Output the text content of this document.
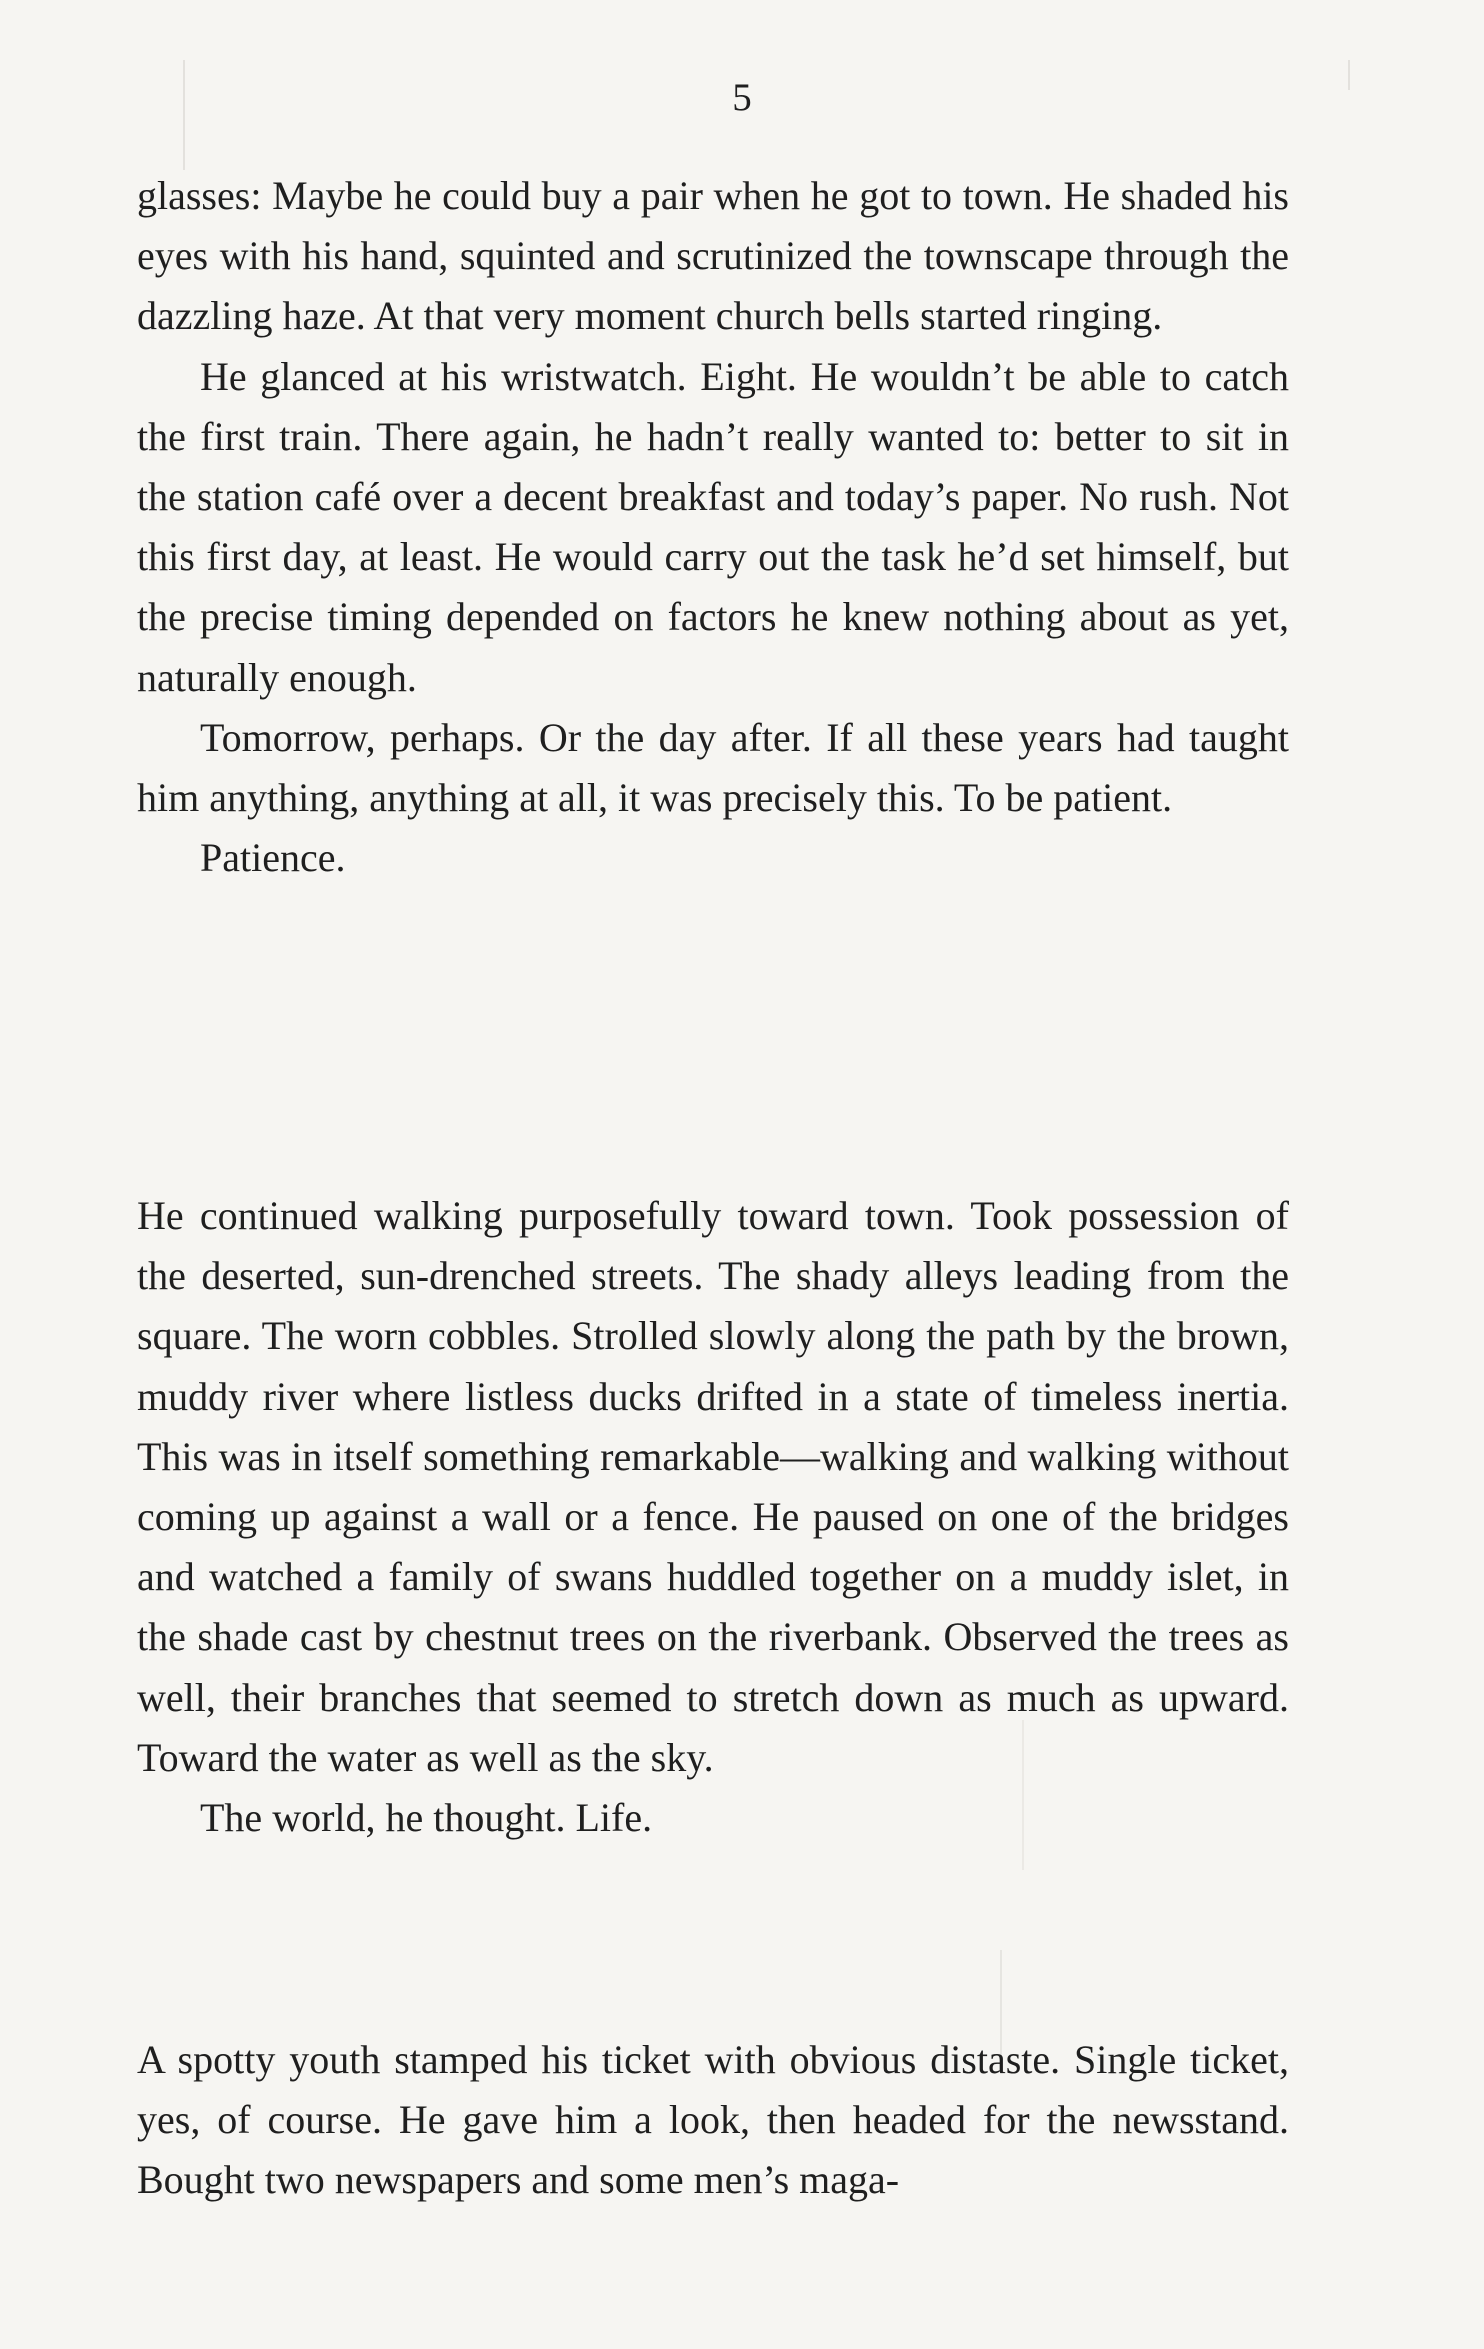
5

glasses: Maybe he could buy a pair when he got to town. He shaded his eyes with his hand, squinted and scrutinized the townscape through the dazzling haze. At that very moment church bells started ringing.

He glanced at his wristwatch. Eight. He wouldn’t be able to catch the first train. There again, he hadn’t really wanted to: better to sit in the station café over a decent breakfast and today’s paper. No rush. Not this first day, at least. He would carry out the task he’d set himself, but the precise timing depended on factors he knew nothing about as yet, naturally enough.

Tomorrow, perhaps. Or the day after. If all these years had taught him anything, anything at all, it was precisely this. To be patient.

Patience.

He continued walking purposefully toward town. Took possession of the deserted, sun-drenched streets. The shady alleys leading from the square. The worn cobbles. Strolled slowly along the path by the brown, muddy river where listless ducks drifted in a state of timeless inertia. This was in itself something remarkable—walking and walking without coming up against a wall or a fence. He paused on one of the bridges and watched a family of swans huddled together on a muddy islet, in the shade cast by chestnut trees on the riverbank. Observed the trees as well, their branches that seemed to stretch down as much as upward. Toward the water as well as the sky.

The world, he thought. Life.

A spotty youth stamped his ticket with obvious distaste. Single ticket, yes, of course. He gave him a look, then headed for the newsstand. Bought two newspapers and some men’s maga-
